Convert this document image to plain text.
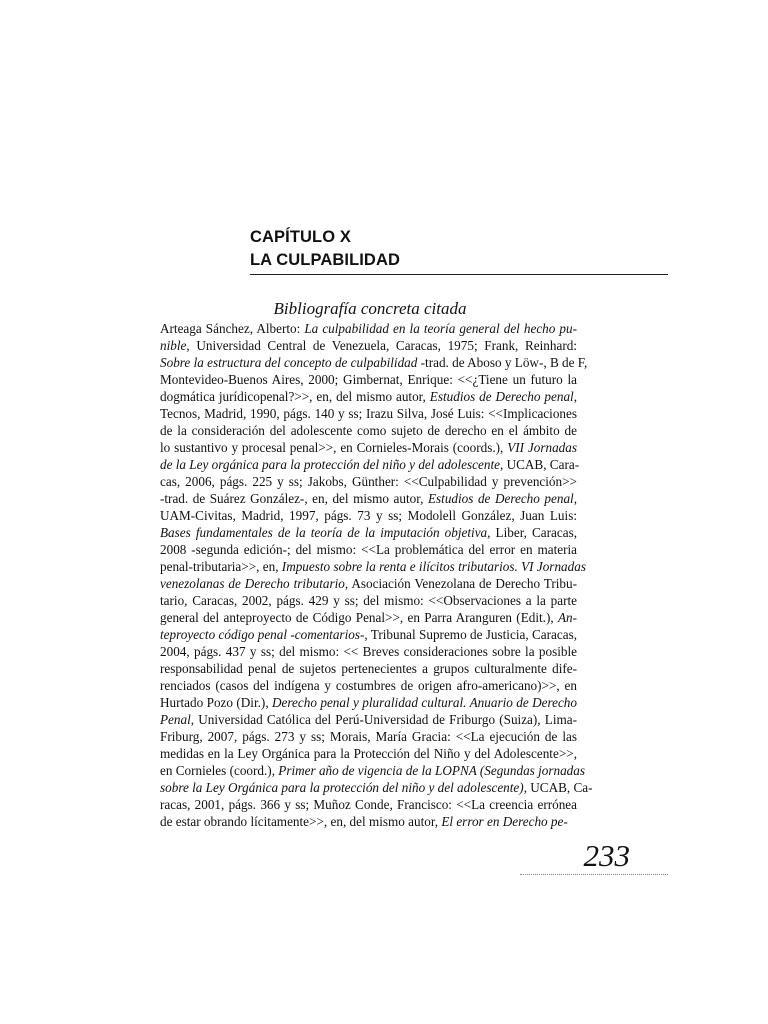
CAPÍTULO X
LA CULPABILIDAD
Bibliografía concreta citada
Arteaga Sánchez, Alberto: La culpabilidad en la teoría general del hecho pu-
nible, Universidad Central de Venezuela, Caracas, 1975; Frank, Reinhard:
Sobre la estructura del concepto de culpabilidad -trad. de Aboso y Löw-, B de F,
Montevideo-Buenos Aires, 2000; Gimbernat, Enrique: <<¿Tiene un futuro la
dogmática jurídicopenal?>>, en, del mismo autor, Estudios de Derecho penal,
Tecnos, Madrid, 1990, págs. 140 y ss; Irazu Silva, José Luis: <<Implicaciones
de la consideración del adolescente como sujeto de derecho en el ámbito de
lo sustantivo y procesal penal>>, en Cornieles-Morais (coords.), VII Jornadas
de la Ley orgánica para la protección del niño y del adolescente, UCAB, Cara-
cas, 2006, págs. 225 y ss; Jakobs, Günther: <<Culpabilidad y prevención>>
-trad. de Suárez González-, en, del mismo autor, Estudios de Derecho penal,
UAM-Civitas, Madrid, 1997, págs. 73 y ss; Modolell González, Juan Luis:
Bases fundamentales de la teoría de la imputación objetiva, Liber, Caracas,
2008 -segunda edición-; del mismo: <<La problemática del error en materia
penal-tributaria>>, en, Impuesto sobre la renta e ilícitos tributarios. VI Jornadas
venezolanas de Derecho tributario, Asociación Venezolana de Derecho Tribu-
tario, Caracas, 2002, págs. 429 y ss; del mismo: <<Observaciones a la parte
general del anteproyecto de Código Penal>>, en Parra Aranguren (Edit.), An-
teproyecto código penal -comentarios-, Tribunal Supremo de Justicia, Caracas,
2004, págs. 437 y ss; del mismo: << Breves consideraciones sobre la posible
responsabilidad penal de sujetos pertenecientes a grupos culturalmente dife-
renciados (casos del indígena y costumbres de origen afro-americano)>>, en
Hurtado Pozo (Dir.), Derecho penal y pluralidad cultural. Anuario de Derecho
Penal, Universidad Católica del Perú-Universidad de Friburgo (Suiza), Lima-
Friburg, 2007, págs. 273 y ss; Morais, María Gracia: <<La ejecución de las
medidas en la Ley Orgánica para la Protección del Niño y del Adolescente>>,
en Cornieles (coord.), Primer año de vigencia de la LOPNA (Segundas jornadas
sobre la Ley Orgánica para la protección del niño y del adolescente), UCAB, Ca-
racas, 2001, págs. 366 y ss; Muñoz Conde, Francisco: <<La creencia errónea
de estar obrando lícitamente>>, en, del mismo autor, El error en Derecho pe-
233
